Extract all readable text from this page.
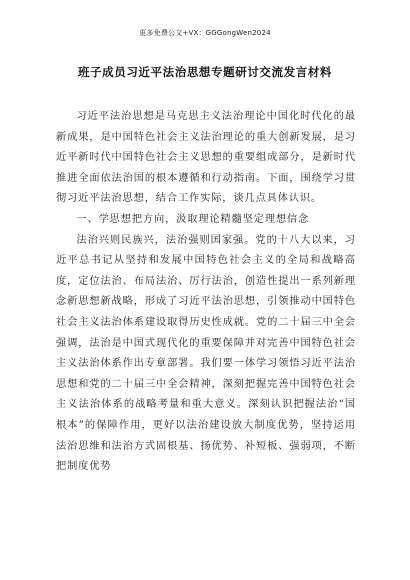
更多免费公文+VX：GGGongWen2024
班子成员习近平法治思想专题研讨交流发言材料

习近平法治思想是马克思主义法治理论中国化时代化的最新成果，是中国特色社会主义法治理论的重大创新发展，是习近平新时代中国特色社会主义思想的重要组成部分，是新时代推进全面依法治国的根本遵循和行动指南。下面，围绕学习贯彻习近平法治思想，结合工作实际，谈几点具体认识。

一、学思想把方向，汲取理论精髓坚定理想信念

法治兴则民族兴，法治强则国家强。党的十八大以来，习近平总书记从坚持和发展中国特色社会主义的全局和战略高度，定位法治、布局法治、厉行法治，创造性提出一系列新理念新思想新战略，形成了习近平法治思想，引领推动中国特色社会主义法治体系建设取得历史性成就。党的二十届三中全会强调，法治是中国式现代化的重要保障并对完善中国特色社会主义法治体系作出专章部署。我们要一体学习领悟习近平法治思想和党的二十届三中全会精神，深刻把握完善中国特色社会主义法治体系的战略考量和重大意义。深刻认识把握法治“国根本”的保障作用，更好以法治建设放大制度优势，坚持运用法治思维和法治方式固根基、扬优势、补短板、强弱项，不断把制度优势
